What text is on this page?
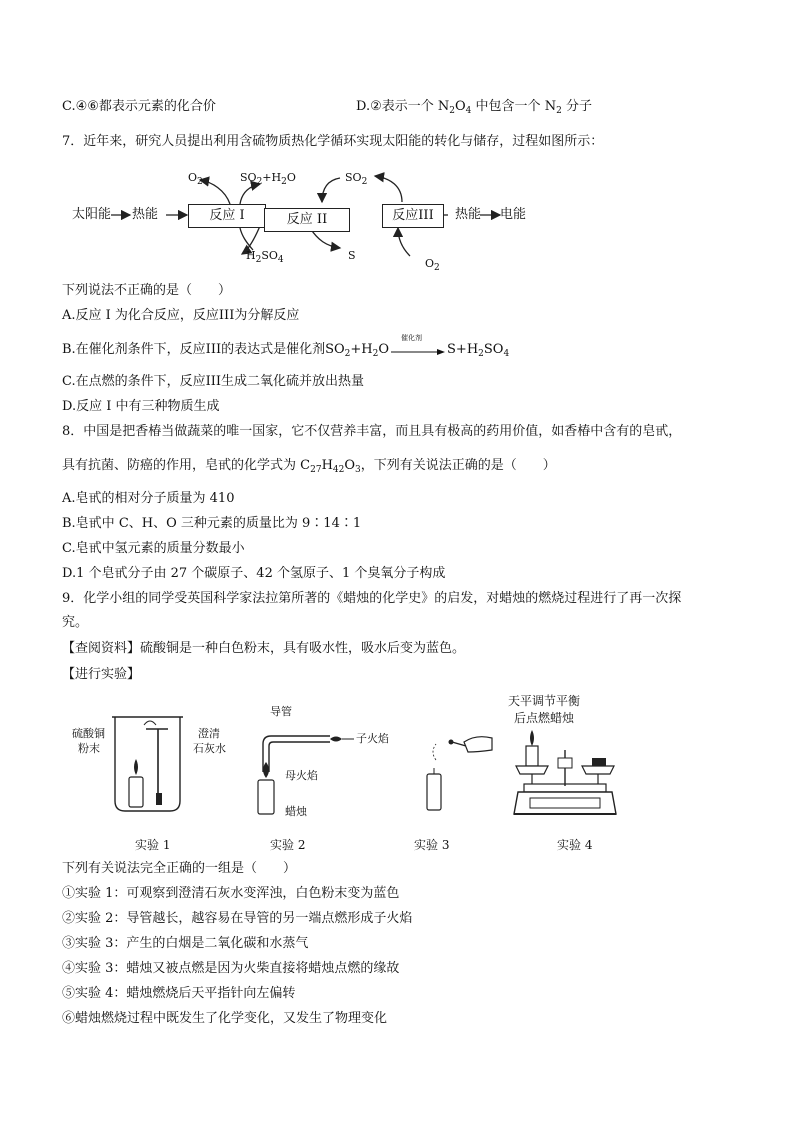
C.④⑥都表示元素的化合价	D.②表示一个 $N_2O_4$ 中包含一个 $N_2$ 分子
7．近年来，研究人员提出利用含硫物质热化学循环实现太阳能的转化与储存，过程如图所示：
太阳能 热能	反应 I	反应 II	反应III	热能 电能
$O_2$	$SO_2+H_2O$	$SO_2$
$H_2SO_4$	S
$O_2$
下列说法不正确的是（　　）
A.反应 I 为化合反应，反应III为分解反应
B.在催化剂条件下，反应III的表达式是催化剂$SO_2+H_2O$
催化剂
$S+H_2SO_4$
C.在点燃的条件下，反应III生成二氧化硫并放出热量
D.反应 I 中有三种物质生成
8．中国是把香椿当做蔬菜的唯一国家，它不仅营养丰富，而且具有极高的药用价值，如香椿中含有的皂甙，
具有抗菌、防癌的作用，皂甙的化学式为 $C_{27}H_{42}O_3$，下列有关说法正确的是（　　）
A.皂甙的相对分子质量为 410
B.皂甙中 C、H、O 三种元素的质量比为 9∶14∶1
C.皂甙中氢元素的质量分数最小
D.1 个皂甙分子由 27 个碳原子、42 个氢原子、1 个臭氧分子构成
9．化学小组的同学受英国科学家法拉第所著的《蜡烛的化学史》的启发，对蜡烛的燃烧过程进行了再一次探
究。
【查阅资料】硫酸铜是一种白色粉末，具有吸水性，吸水后变为蓝色。
【进行实验】
硫酸铜
粉末
澄清
石灰水
导管
子火焰
母火焰
蜡烛
天平调节平衡
后点燃蜡烛
实验 1	实验 2	实验 3	实验 4
下列有关说法完全正确的一组是（　　）
①实验 1：可观察到澄清石灰水变浑浊，白色粉末变为蓝色
②实验 2：导管越长，越容易在导管的另一端点燃形成子火焰
③实验 3：产生的白烟是二氧化碳和水蒸气
④实验 3：蜡烛又被点燃是因为火柴直接将蜡烛点燃的缘故
⑤实验 4：蜡烛燃烧后天平指针向左偏转
⑥蜡烛燃烧过程中既发生了化学变化，又发生了物理变化
